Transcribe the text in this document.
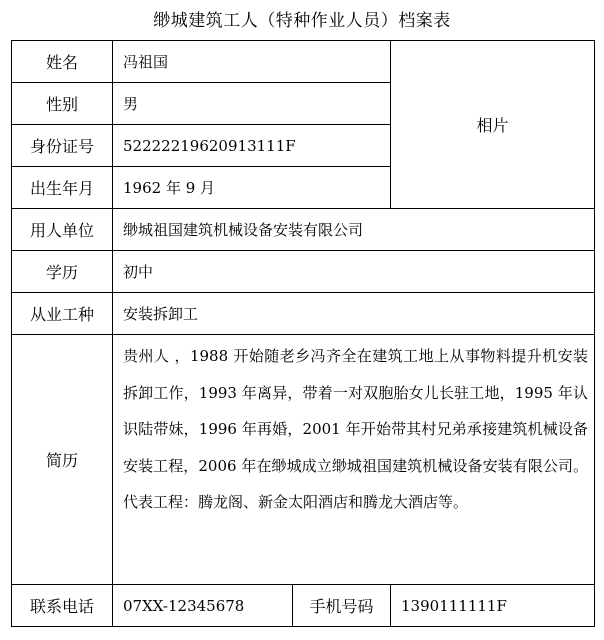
缈城建筑工人（特种作业人员）档案表
姓名	冯祖国		相片
性别	男		
身份证号	52222219620913111F		
出生年月	1962 年 9 月		
用人单位	缈城祖国建筑机械设备安装有限公司		
学历	初中		
从业工种	安装拆卸工		
简历	贵州人 ，1988 开始随老乡冯齐全在建筑工地上从事物料提升机安装拆卸工作，1993 年离异，带着一对双胞胎女儿长驻工地，1995 年认识陆带妹，1996 年再婚，2001 年开始带其村兄弟承接建筑机械设备安装工程，2006 年在缈城成立缈城祖国建筑机械设备安装有限公司。代表工程：腾龙阁、新金太阳酒店和腾龙大酒店等。		
联系电话	07XX-12345678	手机号码	1390111111F
